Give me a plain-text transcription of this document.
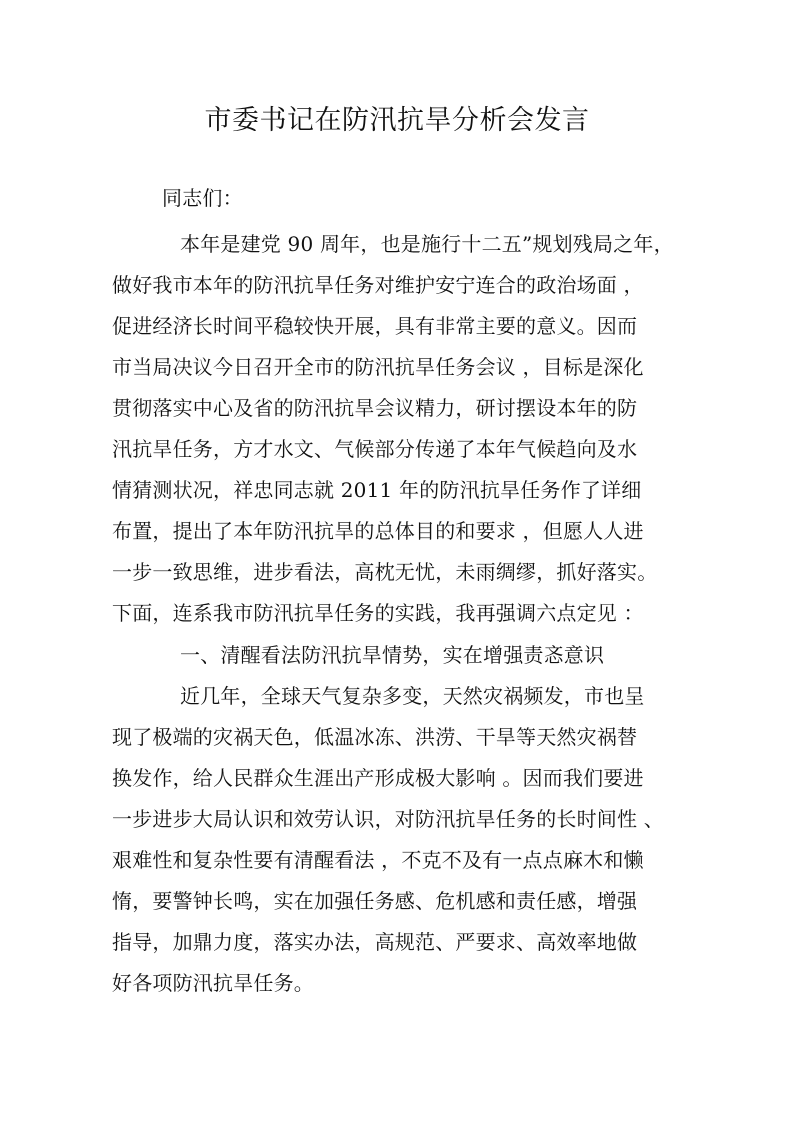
市委书记在防汛抗旱分析会发言
同志们：
本年是建党 90 周年，也是施行十二五”规划残局之年，
做好我市本年的防汛抗旱任务对维护安宁连合的政治场面 ，
促进经济长时间平稳较快开展，具有非常主要的意义。因而
市当局决议今日召开全市的防汛抗旱任务会议 ，目标是深化
贯彻落实中心及省的防汛抗旱会议精力，研讨摆设本年的防
汛抗旱任务，方才水文、气候部分传递了本年气候趋向及水
情猜测状况，祥忠同志就 2011 年的防汛抗旱任务作了详细
布置，提出了本年防汛抗旱的总体目的和要求 ，但愿人人进
一步一致思维，进步看法，高枕无忧，未雨绸缪，抓好落实。
下面，连系我市防汛抗旱任务的实践，我再强调六点定见 ：
一、清醒看法防汛抗旱情势，实在增强责忞意识
近几年，全球天气复杂多变，天然灾祸频发，市也呈
现了极端的灾祸天色，低温冰冻、洪涝、干旱等天然灾祸替
换发作，给人民群众生涯出产形成极大影响 。因而我们要进
一步进步大局认识和效劳认识，对防汛抗旱任务的长时间性 、
艰难性和复杂性要有清醒看法 ，不克不及有一点点麻木和懒
惰，要警钟长鸣，实在加强任务感、危机感和责任感，增强
指导，加鼎力度，落实办法，高规范、严要求、高效率地做
好各项防汛抗旱任务。
